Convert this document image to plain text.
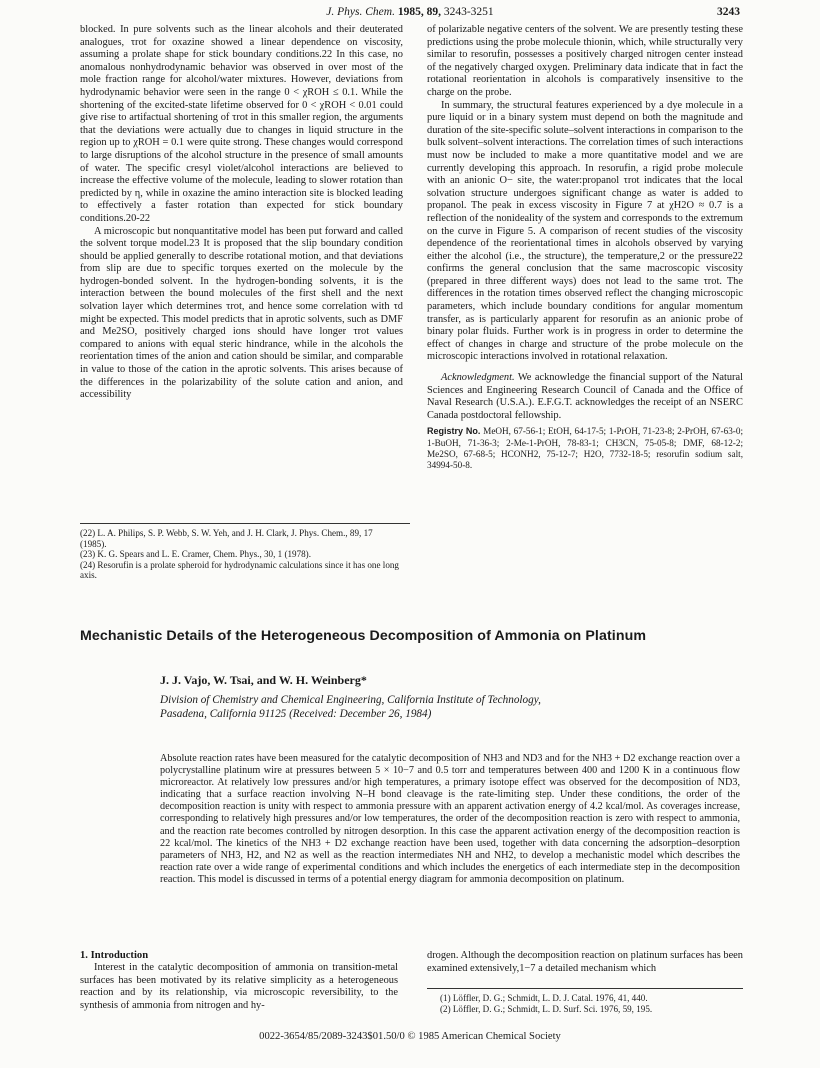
J. Phys. Chem. 1985, 89, 3243-3251	3243

blocked. In pure solvents such as the linear alcohols and their deuterated analogues, τrot for oxazine showed a linear dependence on viscosity, assuming a prolate shape for stick boundary conditions.22 In this case, no anomalous nonhydrodynamic behavior was observed in over most of the mole fraction range for alcohol/water mixtures. However, deviations from hydrodynamic behavior were seen in the range 0 < χROH ≤ 0.1. While the shortening of the excited-state lifetime observed for 0 < χROH < 0.01 could give rise to artifactual shortening of τrot in this smaller region, the arguments that the deviations were actually due to changes in liquid structure in the region up to χROH = 0.1 were quite strong. These changes would correspond to large disruptions of the alcohol structure in the presence of small amounts of water. The specific cresyl violet/alcohol interactions are believed to increase the effective volume of the molecule, leading to slower rotation than predicted by η, while in oxazine the amino interaction site is blocked leading to effectively a faster rotation than expected for stick boundary conditions.20-22

A microscopic but nonquantitative model has been put forward and called the solvent torque model.23 It is proposed that the slip boundary condition should be applied generally to describe rotational motion, and that deviations from slip are due to specific torques exerted on the molecule by the hydrogen-bonded solvent. In the hydrogen-bonding solvents, it is the interaction between the bound molecules of the first shell and the next solvation layer which determines τrot, and hence some correlation with τd might be expected. This model predicts that in aprotic solvents, such as DMF and Me2SO, positively charged ions should have longer τrot values compared to anions with equal steric hindrance, while in the alcohols the reorientation times of the anion and cation should be similar, and comparable in value to those of the cation in the aprotic solvents. This arises because of the differences in the polarizability of the solute cation and anion, and accessibility

(22) L. A. Philips, S. P. Webb, S. W. Yeh, and J. H. Clark, J. Phys. Chem., 89, 17 (1985).
(23) K. G. Spears and L. E. Cramer, Chem. Phys., 30, 1 (1978).
(24) Resorufin is a prolate spheroid for hydrodynamic calculations since it has one long axis.

of polarizable negative centers of the solvent. We are presently testing these predictions using the probe molecule thionin, which, while structurally very similar to resorufin, possesses a positively charged nitrogen center instead of the negatively charged oxygen. Preliminary data indicate that in fact the rotational reorientation in alcohols is comparatively insensitive to the charge on the probe.

In summary, the structural features experienced by a dye molecule in a pure liquid or in a binary system must depend on both the magnitude and duration of the site-specific solute–solvent interactions in comparison to the bulk solvent–solvent interactions. The correlation times of such interactions must now be included to make a more quantitative model and we are currently developing this approach. In resorufin, a rigid probe molecule with an anionic O− site, the water:propanol τrot indicates that the local solvation structure undergoes significant change as water is added to propanol. The peak in excess viscosity in Figure 7 at χH2O ≈ 0.7 is a reflection of the nonideality of the system and corresponds to the extremum on the curve in Figure 5. A comparison of recent studies of the viscosity dependence of the reorientational times in alcohols observed by varying either the alcohol (i.e., the structure), the temperature,2 or the pressure22 confirms the general conclusion that the same macroscopic viscosity (prepared in three different ways) does not lead to the same τrot. The differences in the rotation times observed reflect the changing microscopic parameters, which include boundary conditions for angular momentum transfer, as is particularly apparent for resorufin as an anionic probe of binary polar fluids. Further work is in progress in order to determine the effect of changes in charge and structure of the probe molecule on the microscopic interactions involved in rotational relaxation.

Acknowledgment. We acknowledge the financial support of the Natural Sciences and Engineering Research Council of Canada and the Office of Naval Research (U.S.A.). E.F.G.T. acknowledges the receipt of an NSERC Canada postdoctoral fellowship.

Registry No. MeOH, 67-56-1; EtOH, 64-17-5; 1-PrOH, 71-23-8; 2-PrOH, 67-63-0; 1-BuOH, 71-36-3; 2-Me-1-PrOH, 78-83-1; CH3CN, 75-05-8; DMF, 68-12-2; Me2SO, 67-68-5; HCONH2, 75-12-7; H2O, 7732-18-5; resorufin sodium salt, 34994-50-8.

Mechanistic Details of the Heterogeneous Decomposition of Ammonia on Platinum
J. J. Vajo, W. Tsai, and W. H. Weinberg*
Division of Chemistry and Chemical Engineering, California Institute of Technology,
Pasadena, California 91125 (Received: December 26, 1984)
Absolute reaction rates have been measured for the catalytic decomposition of NH3 and ND3 and for the NH3 + D2 exchange reaction over a polycrystalline platinum wire at pressures between 5 × 10−7 and 0.5 torr and temperatures between 400 and 1200 K in a continuous flow microreactor. At relatively low pressures and/or high temperatures, a primary isotope effect was observed for the decomposition of ND3, indicating that a surface reaction involving N–H bond cleavage is the rate-limiting step. Under these conditions, the order of the decomposition reaction is unity with respect to ammonia pressure with an apparent activation energy of 4.2 kcal/mol. As coverages increase, corresponding to relatively high pressures and/or low temperatures, the order of the decomposition reaction is zero with respect to ammonia, and the reaction rate becomes controlled by nitrogen desorption. In this case the apparent activation energy of the decomposition reaction is 22 kcal/mol. The kinetics of the NH3 + D2 exchange reaction have been used, together with data concerning the adsorption–desorption parameters of NH3, H2, and N2 as well as the reaction intermediates NH and NH2, to develop a mechanistic model which describes the reaction rate over a wide range of experimental conditions and which includes the energetics of each intermediate step in the decomposition reaction. This model is discussed in terms of a potential energy diagram for ammonia decomposition on platinum.
1. Introduction

Interest in the catalytic decomposition of ammonia on transition-metal surfaces has been motivated by its relative simplicity as a heterogeneous reaction and by its relationship, via microscopic reversibility, to the synthesis of ammonia from nitrogen and hy-

drogen. Although the decomposition reaction on platinum surfaces has been examined extensively,1−7 a detailed mechanism which

(1) Löffler, D. G.; Schmidt, L. D. J. Catal. 1976, 41, 440.
(2) Löffler, D. G.; Schmidt, L. D. Surf. Sci. 1976, 59, 195.
0022-3654/85/2089-3243$01.50/0 © 1985 American Chemical Society
